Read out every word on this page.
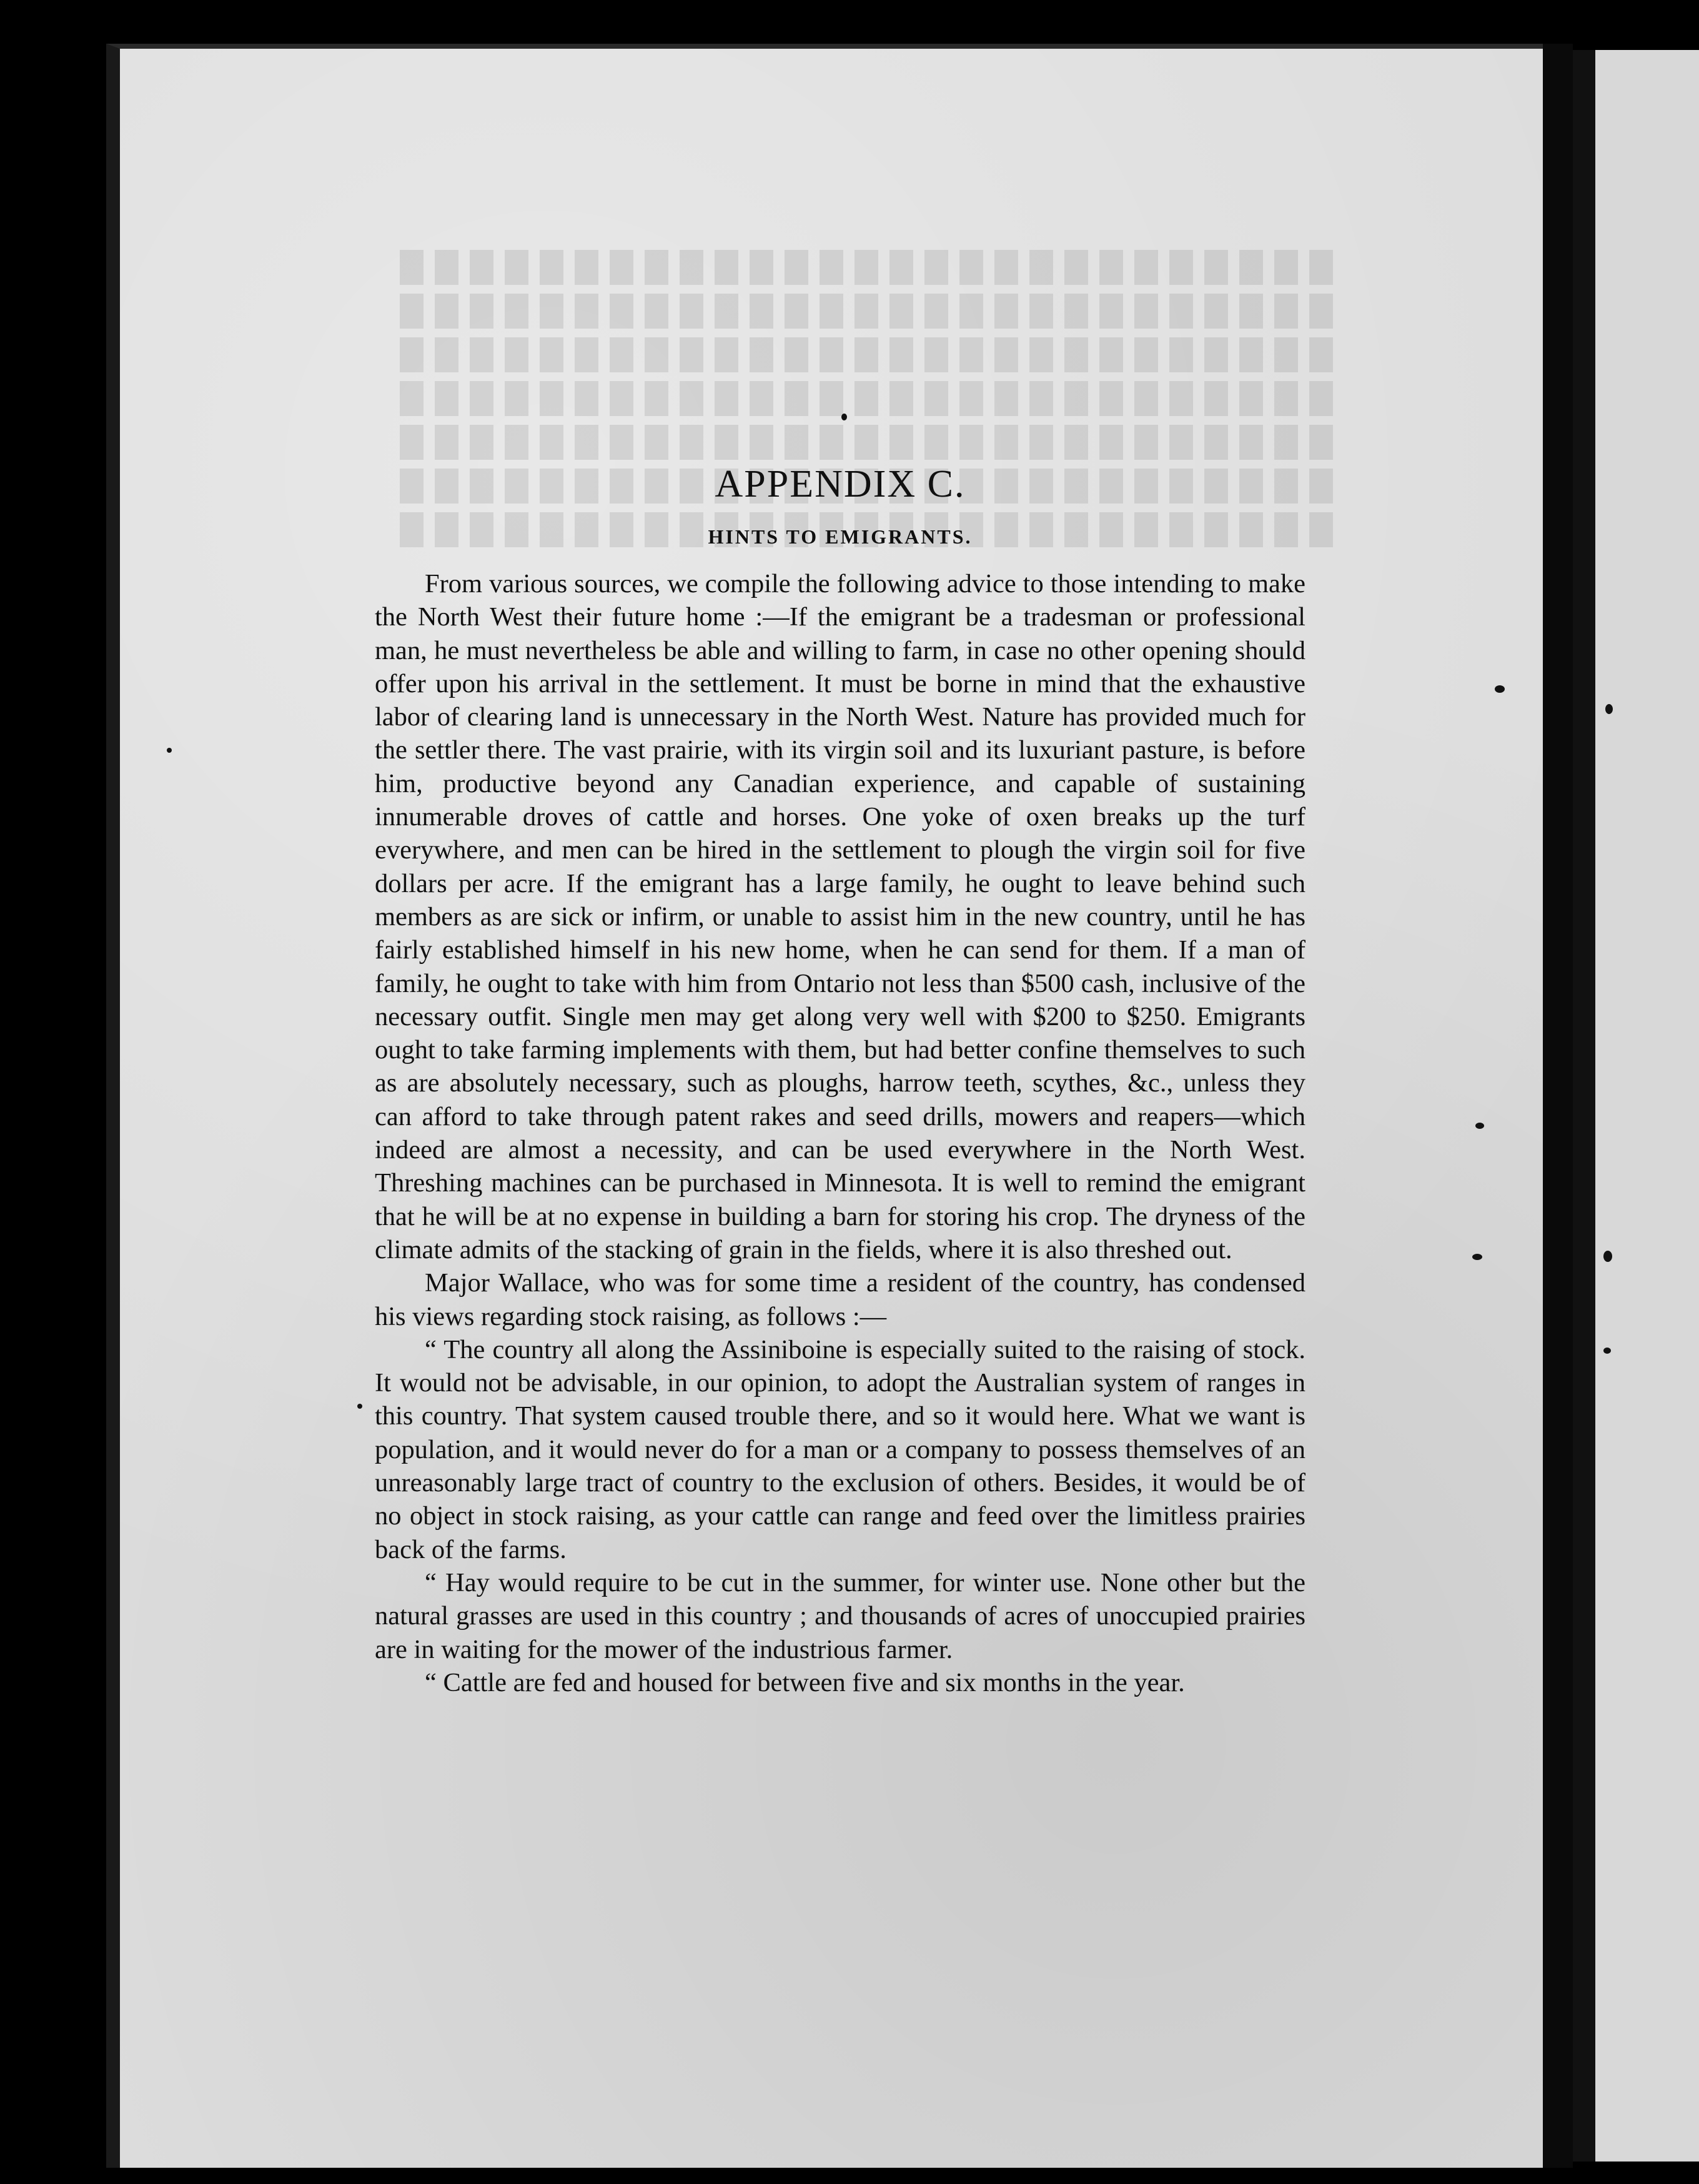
APPENDIX C.
HINTS TO EMIGRANTS.

From various sources, we compile the following advice to those intending to make the North West their future home :—If the emigrant be a tradesman or professional man, he must nevertheless be able and willing to farm, in case no other opening should offer upon his arrival in the settlement. It must be borne in mind that the exhaustive labor of clearing land is unnecessary in the North West. Nature has provided much for the settler there. The vast prairie, with its virgin soil and its luxuriant pasture, is before him, productive beyond any Canadian experience, and capable of sustaining innumerable droves of cattle and horses. One yoke of oxen breaks up the turf everywhere, and men can be hired in the settlement to plough the virgin soil for five dollars per acre. If the emigrant has a large family, he ought to leave behind such members as are sick or infirm, or unable to assist him in the new country, until he has fairly established himself in his new home, when he can send for them. If a man of family, he ought to take with him from Ontario not less than $500 cash, inclusive of the necessary outfit. Single men may get along very well with $200 to $250. Emigrants ought to take farming implements with them, but had better confine themselves to such as are absolutely necessary, such as ploughs, harrow teeth, scythes, &c., unless they can afford to take through patent rakes and seed drills, mowers and reapers—which indeed are almost a necessity, and can be used everywhere in the North West. Threshing machines can be purchased in Minnesota. It is well to remind the emigrant that he will be at no expense in building a barn for storing his crop. The dryness of the climate admits of the stacking of grain in the fields, where it is also threshed out.

Major Wallace, who was for some time a resident of the country, has condensed his views regarding stock raising, as follows :—

“ The country all along the Assiniboine is especially suited to the raising of stock. It would not be advisable, in our opinion, to adopt the Australian system of ranges in this country. That system caused trouble there, and so it would here. What we want is population, and it would never do for a man or a company to possess themselves of an unreasonably large tract of country to the exclusion of others. Besides, it would be of no object in stock raising, as your cattle can range and feed over the limitless prairies back of the farms.

“ Hay would require to be cut in the summer, for winter use. None other but the natural grasses are used in this country ; and thousands of acres of unoccupied prairies are in waiting for the mower of the industrious farmer.

“ Cattle are fed and housed for between five and six months in the year.
